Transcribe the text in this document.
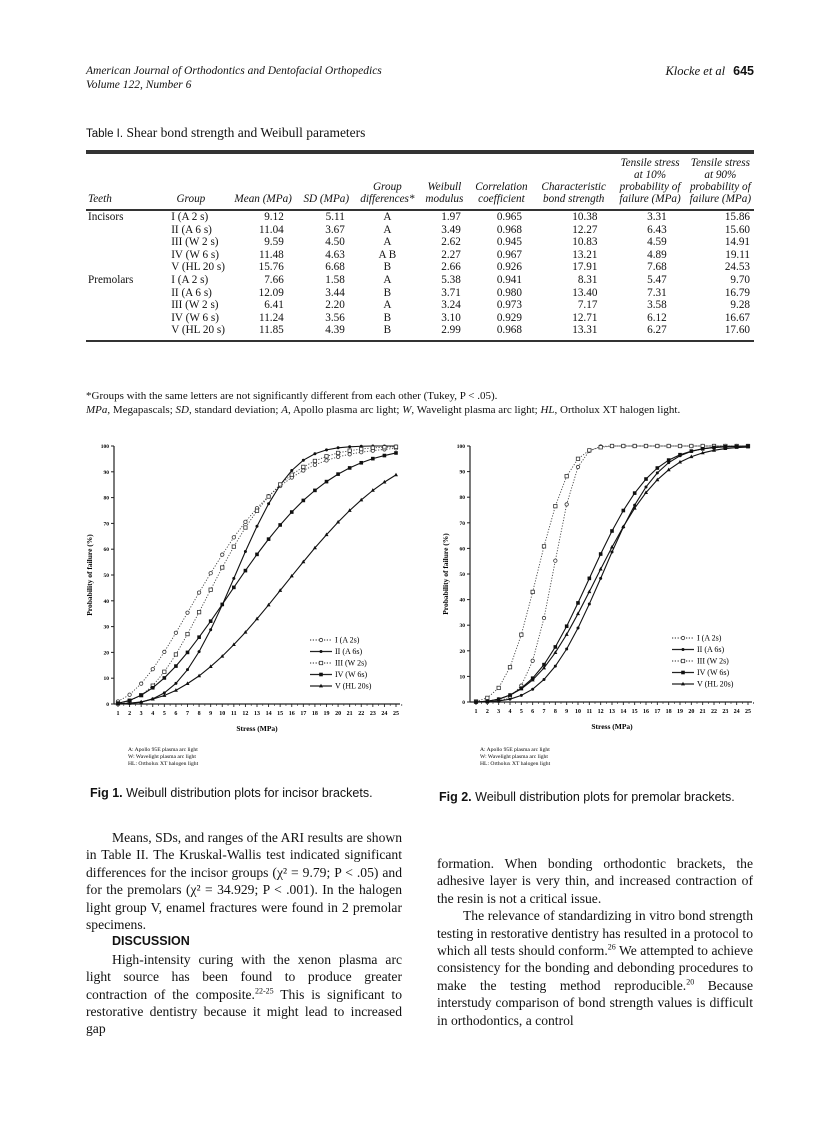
American Journal of Orthodontics and Dentofacial Orthopedics
Volume 122, Number 6
Klocke et al 645
Table I. Shear bond strength and Weibull parameters

Teeth	Group	Mean (MPa)	SD (MPa)	Group differences*	Weibull modulus	Correlation coefficient	Characteristic bond strength	Tensile stress at 10% probability of failure (MPa)	Tensile stress at 90% probability of failure (MPa)
Incisors	I (A 2 s)	9.12	5.11	A	1.97	0.965	10.38	3.31	15.86
	II (A 6 s)	11.04	3.67	A	3.49	0.968	12.27	6.43	15.60
	III (W 2 s)	9.59	4.50	A	2.62	0.945	10.83	4.59	14.91
	IV (W 6 s)	11.48	4.63	A B	2.27	0.967	13.21	4.89	19.11
	V (HL 20 s)	15.76	6.68	B	2.66	0.926	17.91	7.68	24.53
Premolars	I (A 2 s)	7.66	1.58	A	5.38	0.941	8.31	5.47	9.70
	II (A 6 s)	12.09	3.44	B	3.71	0.980	13.40	7.31	16.79
	III (W 2 s)	6.41	2.20	A	3.24	0.973	7.17	3.58	9.28
	IV (W 6 s)	11.24	3.56	B	3.10	0.929	12.71	6.12	16.67
	V (HL 20 s)	11.85	4.39	B	2.99	0.968	13.31	6.27	17.60
*Groups with the same letters are not significantly different from each other (Tukey, P < .05).
MPa, Megapascals; SD, standard deviation; A, Apollo plasma arc light; W, Wavelight plasma arc light; HL, Ortholux XT halogen light.
0
10
20
30
40
50
60
70
80
90
100
1 2 3 4 5 6 7 8 9 10 11 12 13 14 15 16 17 18 19 20 21 22 23 24 25
Stress (MPa)
Probability of failure (%)
I (A 2s)
II (A 6s)
III (W 2s)
IV (W 6s)
V (HL 20s)
A: Apollo 95E plasma arc light
W: Wavelight plasma arc light
HL: Ortholux XT halogen light
0
10
20
30
40
50
60
70
80
90
100
1 2 3 4 5 6 7 8 9 10 11 12 13 14 15 16 17 18 19 20 21 22 23 24 25
Stress (MPa)
Probability of failure (%)
I (A 2s)
II (A 6s)
III (W 2s)
IV (W 6s)
V (HL 20s)
A: Apollo 95E plasma arc light
W: Wavelight plasma arc light
HL: Ortholux XT halogen light
Fig 1. Weibull distribution plots for incisor brackets.	Fig 2. Weibull distribution plots for premolar brackets.

Means, SDs, and ranges of the ARI results are shown in Table II. The Kruskal-Wallis test indicated significant differences for the incisor groups (χ² = 9.79; P < .05) and for the premolars (χ² = 34.929; P < .001). In the halogen light group V, enamel fractures were found in 2 premolar specimens.

DISCUSSION

High-intensity curing with the xenon plasma arc light source has been found to produce greater contraction of the composite.$^{22-25}$ This is significant to restorative dentistry because it might lead to increased gap

formation. When bonding orthodontic brackets, the adhesive layer is very thin, and increased contraction of the resin is not a critical issue.

The relevance of standardizing in vitro bond strength testing in restorative dentistry has resulted in a protocol to which all tests should conform.$^{26}$ We attempted to achieve consistency for the bonding and debonding procedures to make the testing method reproducible.$^{20}$ Because interstudy comparison of bond strength values is difficult in orthodontics, a control
